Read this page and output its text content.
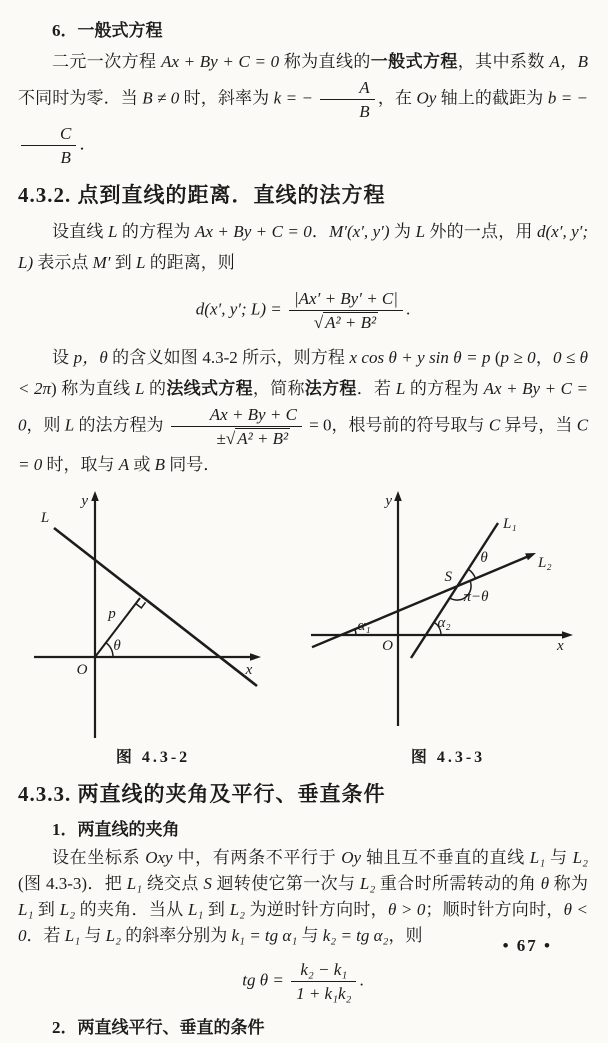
6．一般式方程

二元一次方程 Ax + By + C = 0 称为直线的一般式方程，其中系数 A，B 不同时为零．当 B ≠ 0 时，斜率为 k = − $\frac{A}{B}$ ，在 Oy 轴上的截距为 b = −
$\frac{C}{B}$ ．

4.3.2. 点到直线的距离．直线的法方程

设直线 L 的方程为 Ax + By + C = 0．M′(x′, y′) 为 L 外的一点，用 d(x′, y′; L) 表示点 M′ 到 L 的距离，则

d(x′, y′; $L) = \frac{|Ax' + By' + C|}{\text{√ A² + B²}}$ .

设 p，θ 的含义如图 4.3-2 所示，则方程 x cos θ + y sin θ = p (p ≥ 0，0 ≤ θ < 2π) 称为直线 L 的法线式方程，简称法方程．若 L 的方程为 Ax + By + C = 0，则 L 的法方程为 $\frac{Ax + By + C}{\text{±√ A² + B²}} = 0$，根号前的符号取与 C 异号，当 C = 0 时，取与 A 或 B 同号．

y
x
O
L
p
θ
图 4.3-2
y
x
O
L₁
L₂
S
θ
π−θ
α₁	α₂
图 4.3-3

4.3.3. 两直线的夹角及平行、垂直条件

1．两直线的夹角

设在坐标系 Oxy 中，有两条不平行于 Oy 轴且互不垂直的直线 L₁ 与 L₂ (图 4.3-3)．把 L₁ 绕交点 S 迴转使它第一次与 L₂ 重合时所需转动的角 θ 称为 L₁ 到 L₂ 的夹角．当从 L₁ 到 L₂ 为逆时针方向时，θ > 0；顺时针方向时，θ < 0．若 L₁ 与 L₂ 的斜率分别为 k₁ = tg α₁ 与 k₂ = tg α₂，则

tg $\theta = \frac{\text{k₂ − k₁}}{\text{1 + k₁k₂}}$ .

2．两直线平行、垂直的条件

• 67 •
